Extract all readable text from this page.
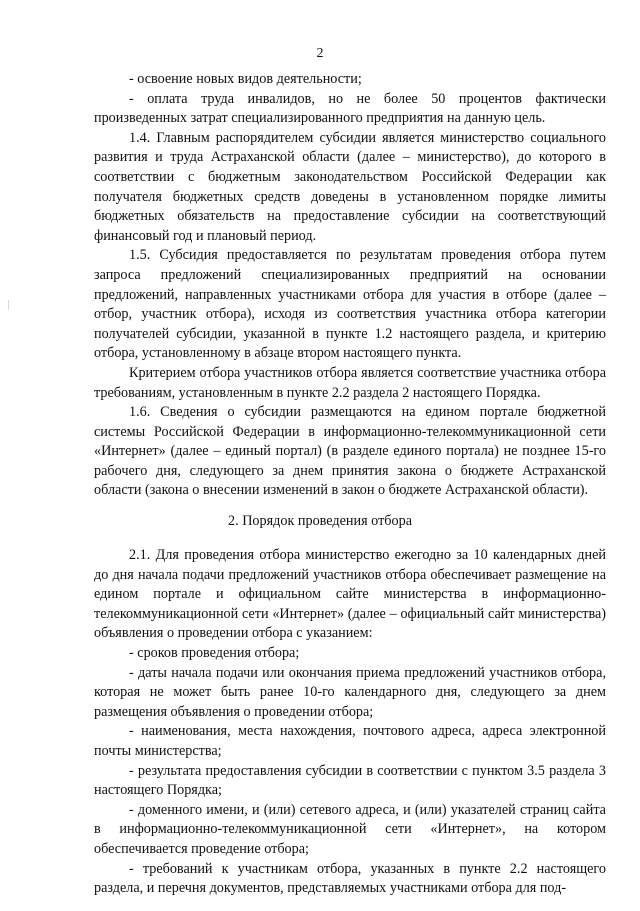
2

- освоение новых видов деятельности;

- оплата труда инвалидов, но не более 50 процентов фактически произведенных затрат специализированного предприятия на данную цель.

1.4. Главным распорядителем субсидии является министерство социального развития и труда Астраханской области (далее – министерство), до которого в соответствии с бюджетным законодательством Российской Федерации как получателя бюджетных средств доведены в установленном порядке лимиты бюджетных обязательств на предоставление субсидии на соответствующий финансовый год и плановый период.

1.5. Субсидия предоставляется по результатам проведения отбора путем запроса предложений специализированных предприятий на основании предложений, направленных участниками отбора для участия в отборе (далее – отбор, участник отбора), исходя из соответствия участника отбора категории получателей субсидии, указанной в пункте 1.2 настоящего раздела, и критерию отбора, установленному в абзаце втором настоящего пункта.

Критерием отбора участников отбора является соответствие участника отбора требованиям, установленным в пункте 2.2 раздела 2 настоящего Порядка.

1.6. Сведения о субсидии размещаются на едином портале бюджетной системы Российской Федерации в информационно-телекоммуникационной сети «Интернет» (далее – единый портал) (в разделе единого портала) не позднее 15-го рабочего дня, следующего за днем принятия закона о бюджете Астраханской области (закона о внесении изменений в закон о бюджете Астраханской области).

2. Порядок проведения отбора

2.1. Для проведения отбора министерство ежегодно за 10 календарных дней до дня начала подачи предложений участников отбора обеспечивает размещение на едином портале и официальном сайте министерства в информационно-телекоммуникационной сети «Интернет» (далее – официальный сайт министерства) объявления о проведении отбора с указанием:

- сроков проведения отбора;

- даты начала подачи или окончания приема предложений участников отбора, которая не может быть ранее 10-го календарного дня, следующего за днем размещения объявления о проведении отбора;

- наименования, места нахождения, почтового адреса, адреса электронной почты министерства;

- результата предоставления субсидии в соответствии с пунктом 3.5 раздела 3 настоящего Порядка;

- доменного имени, и (или) сетевого адреса, и (или) указателей страниц сайта в информационно-телекоммуникационной сети «Интернет», на котором обеспечивается проведение отбора;

- требований к участникам отбора, указанных в пункте 2.2 настоящего раздела, и перечня документов, представляемых участниками отбора для под-
